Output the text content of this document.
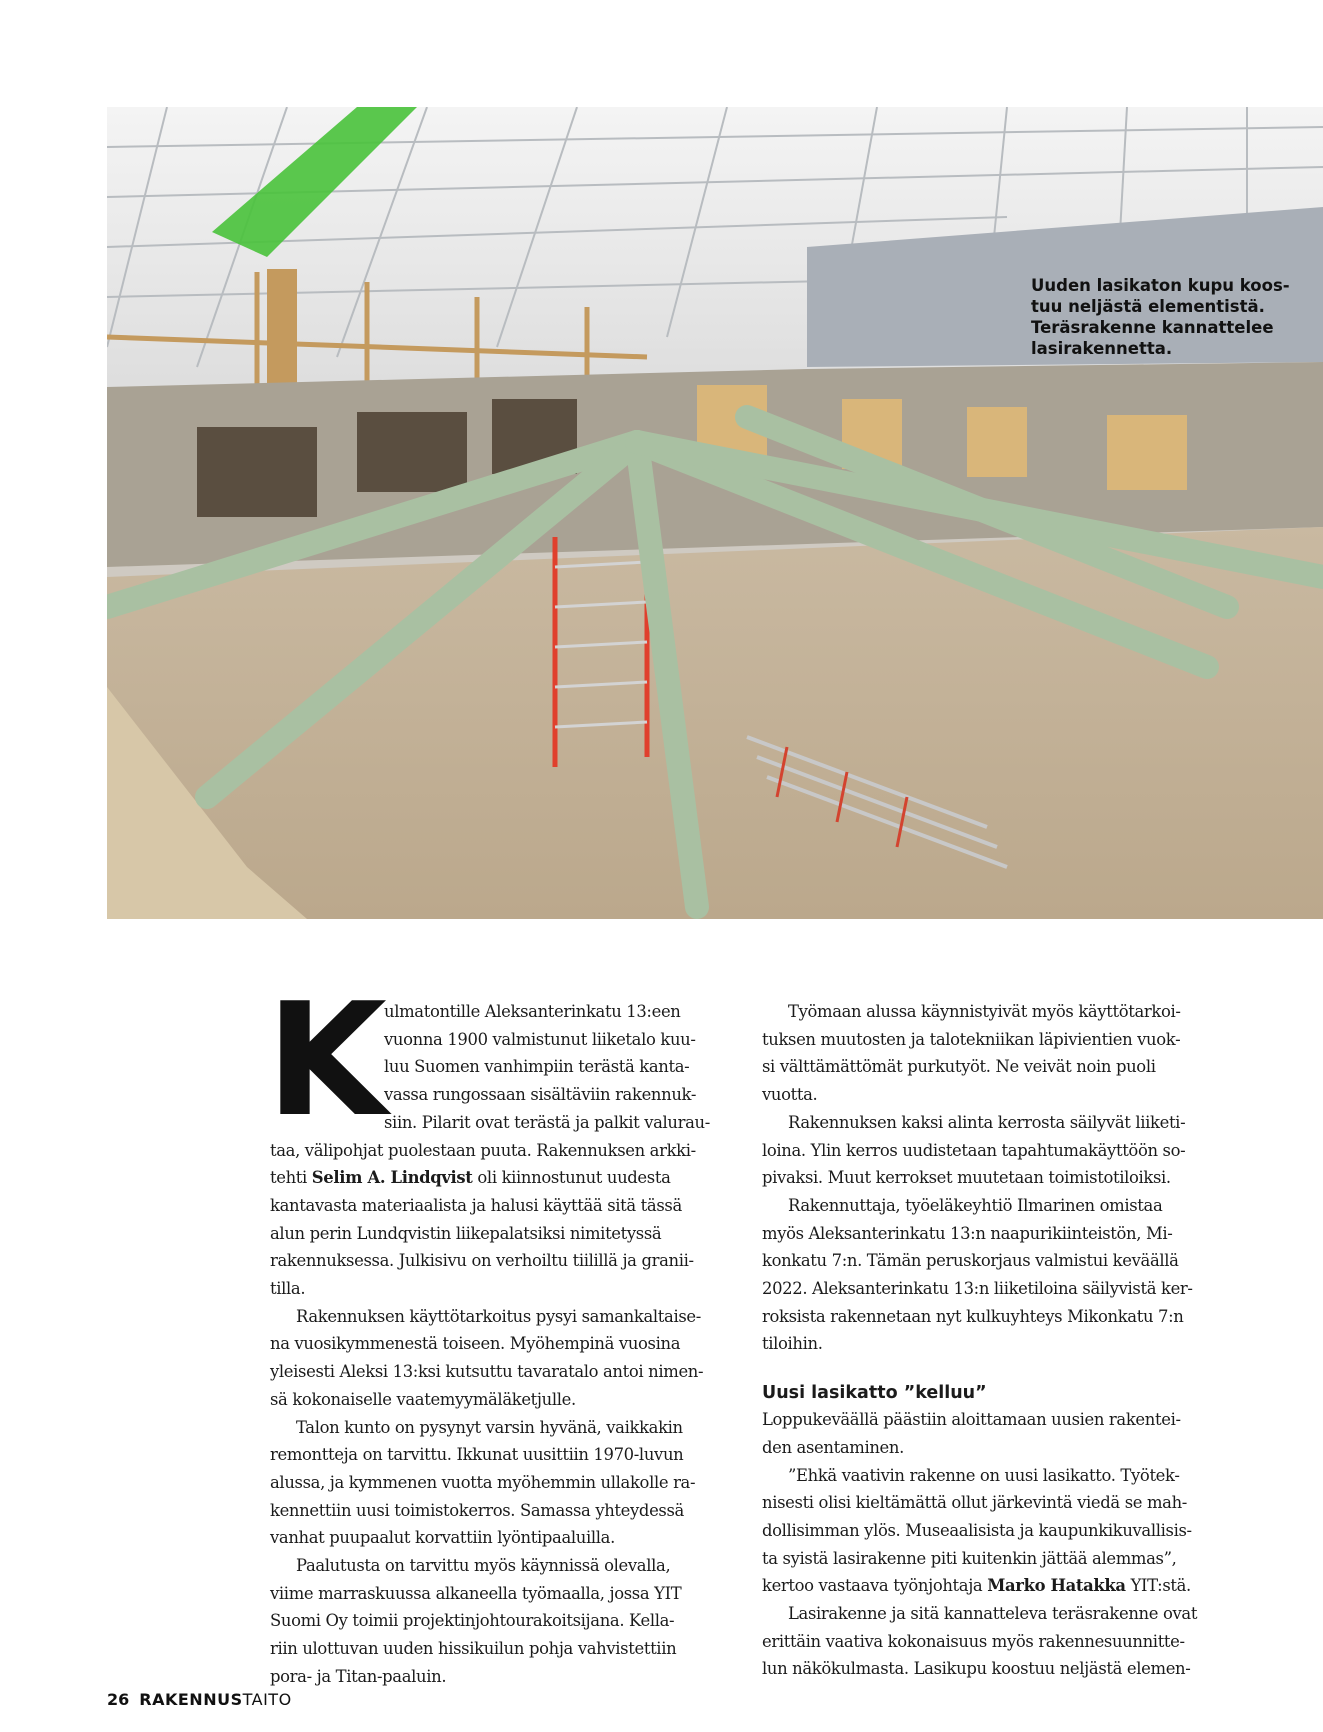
Uuden lasikaton kupu koos-
tuu neljästä elementistä.
Teräsrakenne kannattelee
lasirakennetta.
K
ulmatontille Aleksanterinkatu 13:een
vuonna 1900 valmistunut liiketalo kuu-
luu Suomen vanhimpiin terästä kanta-
vassa rungossaan sisältäviin rakennuk-
siin. Pilarit ovat terästä ja palkit valurau-
taa, välipohjat puolestaan puuta. Rakennuksen arkki-
tehti Selim A. Lindqvist oli kiinnostunut uudesta
kantavasta materiaalista ja halusi käyttää sitä tässä
alun perin Lundqvistin liikepalatsiksi nimitetyssä
rakennuksessa. Julkisivu on verhoiltu tiilillä ja granii-
tilla.
Rakennuksen käyttötarkoitus pysyi samankaltaise-
na vuosikymmenestä toiseen. Myöhempinä vuosina
yleisesti Aleksi 13:ksi kutsuttu tavaratalo antoi nimen-
sä kokonaiselle vaatemyymäläketjulle.
Talon kunto on pysynyt varsin hyvänä, vaikkakin
remontteja on tarvittu. Ikkunat uusittiin 1970-luvun
alussa, ja kymmenen vuotta myöhemmin ullakolle ra-
kennettiin uusi toimistokerros. Samassa yhteydessä
vanhat puupaalut korvattiin lyöntipaaluilla.
Paalutusta on tarvittu myös käynnissä olevalla,
viime marraskuussa alkaneella työmaalla, jossa YIT
Suomi Oy toimii projektinjohtourakoitsijana. Kella-
riin ulottuvan uuden hissikuilun pohja vahvistettiin
pora- ja Titan-paaluin.
Työmaan alussa käynnistyivät myös käyttötarkoi-
tuksen muutosten ja talotekniikan läpivientien vuok-
si välttämättömät purkutyöt. Ne veivät noin puoli
vuotta.
Rakennuksen kaksi alinta kerrosta säilyvät liiketi-
loina. Ylin kerros uudistetaan tapahtumakäyttöön so-
pivaksi. Muut kerrokset muutetaan toimistotiloiksi.
Rakennuttaja, työeläkeyhtiö Ilmarinen omistaa
myös Aleksanterinkatu 13:n naapurikiinteistön, Mi-
konkatu 7:n. Tämän peruskorjaus valmistui keväällä
2022. Aleksanterinkatu 13:n liiketiloina säilyvistä ker-
roksista rakennetaan nyt kulkuyhteys Mikonkatu 7:n
tiloihin.
Uusi lasikatto ”kelluu”
Loppukeväällä päästiin aloittamaan uusien rakentei-
den asentaminen.
”Ehkä vaativin rakenne on uusi lasikatto. Työtek-
nisesti olisi kieltämättä ollut järkevintä viedä se mah-
dollisimman ylös. Museaalisista ja kaupunkikuvallisis-
ta syistä lasirakenne piti kuitenkin jättää alemmas”,
kertoo vastaava työnjohtaja Marko Hatakka YIT:stä.
Lasirakenne ja sitä kannatteleva teräsrakenne ovat
erittäin vaativa kokonaisuus myös rakennesuunnitte-
lun näkökulmasta. Lasikupu koostuu neljästä elemen-
26 RAKENNUSTAITO
